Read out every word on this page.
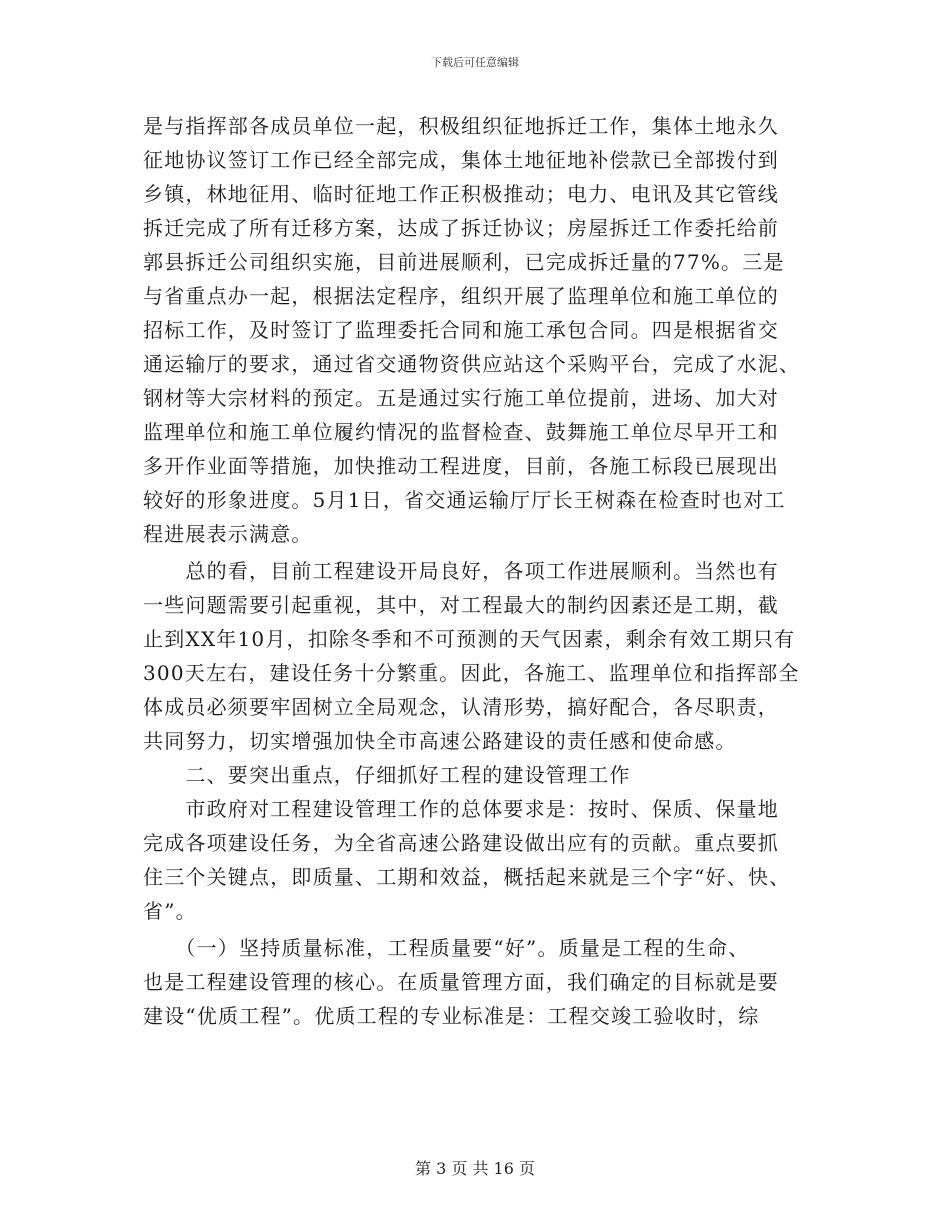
下载后可任意编辑
是与指挥部各成员单位一起，积极组织征地拆迁工作，集体土地永久
征地协议签订工作已经全部完成，集体土地征地补偿款已全部拨付到
乡镇，林地征用、临时征地工作正积极推动；电力、电讯及其它管线
拆迁完成了所有迁移方案，达成了拆迁协议；房屋拆迁工作委托给前
郭县拆迁公司组织实施，目前进展顺利，已完成拆迁量的77%。三是
与省重点办一起，根据法定程序，组织开展了监理单位和施工单位的
招标工作，及时签订了监理委托合同和施工承包合同。四是根据省交
通运输厅的要求，通过省交通物资供应站这个采购平台，完成了水泥、
钢材等大宗材料的预定。五是通过实行施工单位提前，进场、加大对
监理单位和施工单位履约情况的监督检查、鼓舞施工单位尽早开工和
多开作业面等措施，加快推动工程进度，目前，各施工标段已展现出
较好的形象进度。5月1日，省交通运输厅厅长王树森在检查时也对工
程进展表示满意。
　　总的看，目前工程建设开局良好，各项工作进展顺利。当然也有
一些问题需要引起重视，其中，对工程最大的制约因素还是工期，截
止到XX年10月，扣除冬季和不可预测的天气因素，剩余有效工期只有
300天左右，建设任务十分繁重。因此，各施工、监理单位和指挥部全
体成员必须要牢固树立全局观念，认清形势，搞好配合，各尽职责，
共同努力，切实增强加快全市高速公路建设的责任感和使命感。
　　二、要突出重点，仔细抓好工程的建设管理工作
　　市政府对工程建设管理工作的总体要求是：按时、保质、保量地
完成各项建设任务，为全省高速公路建设做出应有的贡献。重点要抓
住三个关键点，即质量、工期和效益，概括起来就是三个字“好、快、
省”。
　　（一）坚持质量标准，工程质量要“好”。质量是工程的生命、
也是工程建设管理的核心。在质量管理方面，我们确定的目标就是要
建设“优质工程”。优质工程的专业标准是：工程交竣工验收时，综
第 3 页 共 16 页
